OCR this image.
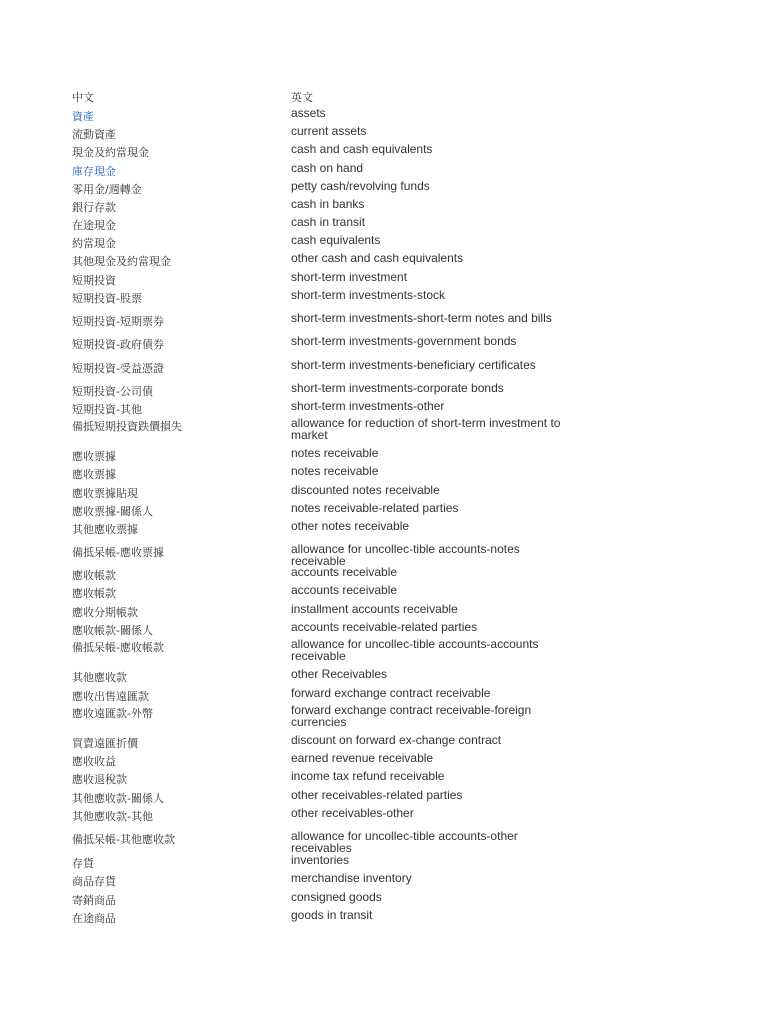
中文	英文
資產	assets
流動資產	current assets
現金及約當現金	cash and cash equivalents
庫存現金	cash on hand
零用金/週轉金	petty cash/revolving funds
銀行存款	cash in banks
在途現金	cash in transit
約當現金	cash equivalents
其他現金及約當現金	other cash and cash equivalents
短期投資	short-term investment
短期投資-股票	short-term investments-stock
短期投資-短期票券	short-term investments-short-term notes and bills
短期投資-政府債券	short-term investments-government bonds
短期投資-受益憑證	short-term investments-beneficiary certificates
短期投資-公司債	short-term investments-corporate bonds
短期投資-其他	short-term investments-other
備抵短期投資跌價損失	allowance for reduction of short-term investment to market
應收票據	notes receivable
應收票據	notes receivable
應收票據貼現	discounted notes receivable
應收票據-關係人	notes receivable-related parties
其他應收票據	other notes receivable
備抵呆帳-應收票據	allowance for uncollec-tible accounts-notes receivable
應收帳款	accounts receivable
應收帳款	accounts receivable
應收分期帳款	installment accounts receivable
應收帳款-關係人	accounts receivable-related parties
備抵呆帳-應收帳款	allowance for uncollec-tible accounts-accounts receivable
其他應收款	other Receivables
應收出售遠匯款	forward exchange contract receivable
應收遠匯款-外幣	forward exchange contract receivable-foreign currencies
買賣遠匯折價	discount on forward ex-change contract
應收收益	earned revenue receivable
應收退稅款	income tax refund receivable
其他應收款-關係人	other receivables-related parties
其他應收款-其他	other receivables-other
備抵呆帳-其他應收款	allowance for uncollec-tible accounts-other receivables
存貨	inventories
商品存貨	merchandise inventory
寄銷商品	consigned goods
在途商品	goods in transit
